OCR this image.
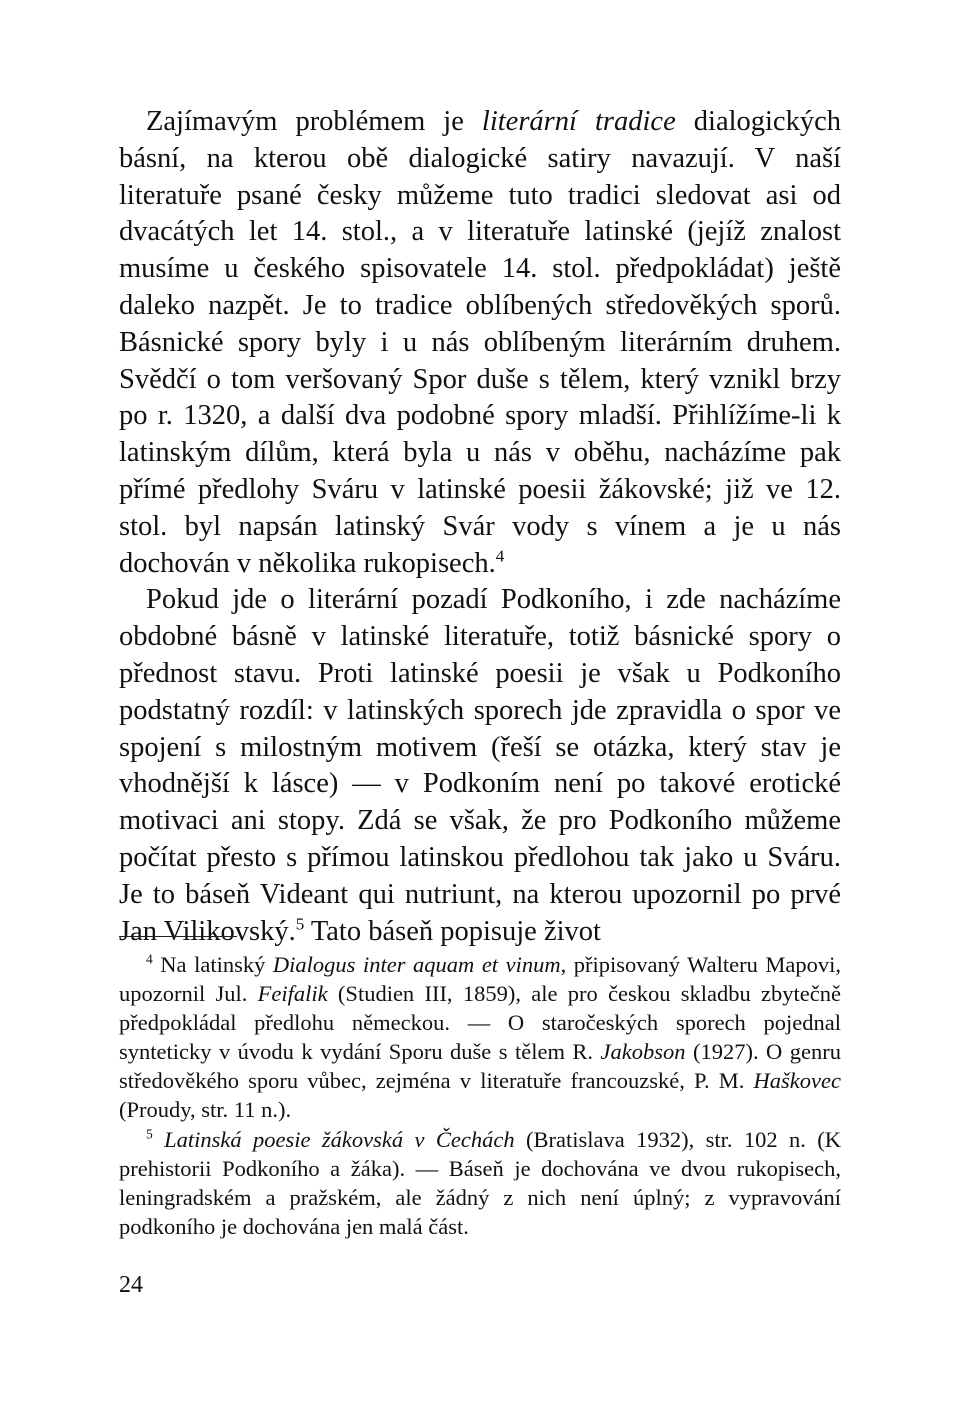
Zajímavým problémem je literární tradice dialogických básní, na kterou obě dialogické satiry navazují. V naší literatuře psané česky můžeme tuto tradici sledovat asi od dvacátých let 14. stol., a v literatuře latinské (jejíž znalost musíme u českého spisovatele 14. stol. předpokládat) ještě daleko nazpět. Je to tradice oblíbených středověkých sporů. Básnické spory byly i u nás oblíbeným literárním druhem. Svědčí o tom veršovaný Spor duše s tělem, který vznikl brzy po r. 1320, a další dva podobné spory mladší. Přihlížíme-li k latinským dílům, která byla u nás v oběhu, nacházíme pak přímé předlohy Sváru v latinské poesii žákovské; již ve 12. stol. byl napsán latinský Svár vody s vínem a je u nás dochován v několika rukopisech.$^4$

Pokud jde o literární pozadí Podkoního, i zde nacházíme obdobné básně v latinské literatuře, totiž básnické spory o přednost stavu. Proti latinské poesii je však u Podkoního podstatný rozdíl: v latinských sporech jde zpravidla o spor ve spojení s milostným motivem (řeší se otázka, který stav je vhodnější k lásce) — v Podkoním není po takové erotické motivaci ani stopy. Zdá se však, že pro Podkoního můžeme počítat přesto s přímou latinskou předlohou tak jako u Sváru. Je to báseň Videant qui nutriunt, na kterou upozornil po prvé Jan Vilikovský.$^5$ Tato báseň popisuje život

$^4$ Na latinský Dialogus inter aquam et vinum, připisovaný Walteru Mapovi, upozornil Jul. Feifalik (Studien III, 1859), ale pro českou skladbu zbytečně předpokládal předlohu německou. — O staročeských sporech pojednal synteticky v úvodu k vydání Sporu duše s tělem R. Jakobson (1927). O genru středověkého sporu vůbec, zejména v literatuře francouzské, P. M. Haškovec (Proudy, str. 11 n.).

$^5$ Latinská poesie žákovská v Čechách (Bratislava 1932), str. 102 n. (K prehistorii Podkoního a žáka). — Báseň je dochována ve dvou rukopisech, leningradském a pražském, ale žádný z nich není úplný; z vypravování podkoního je dochována jen malá část.

24
